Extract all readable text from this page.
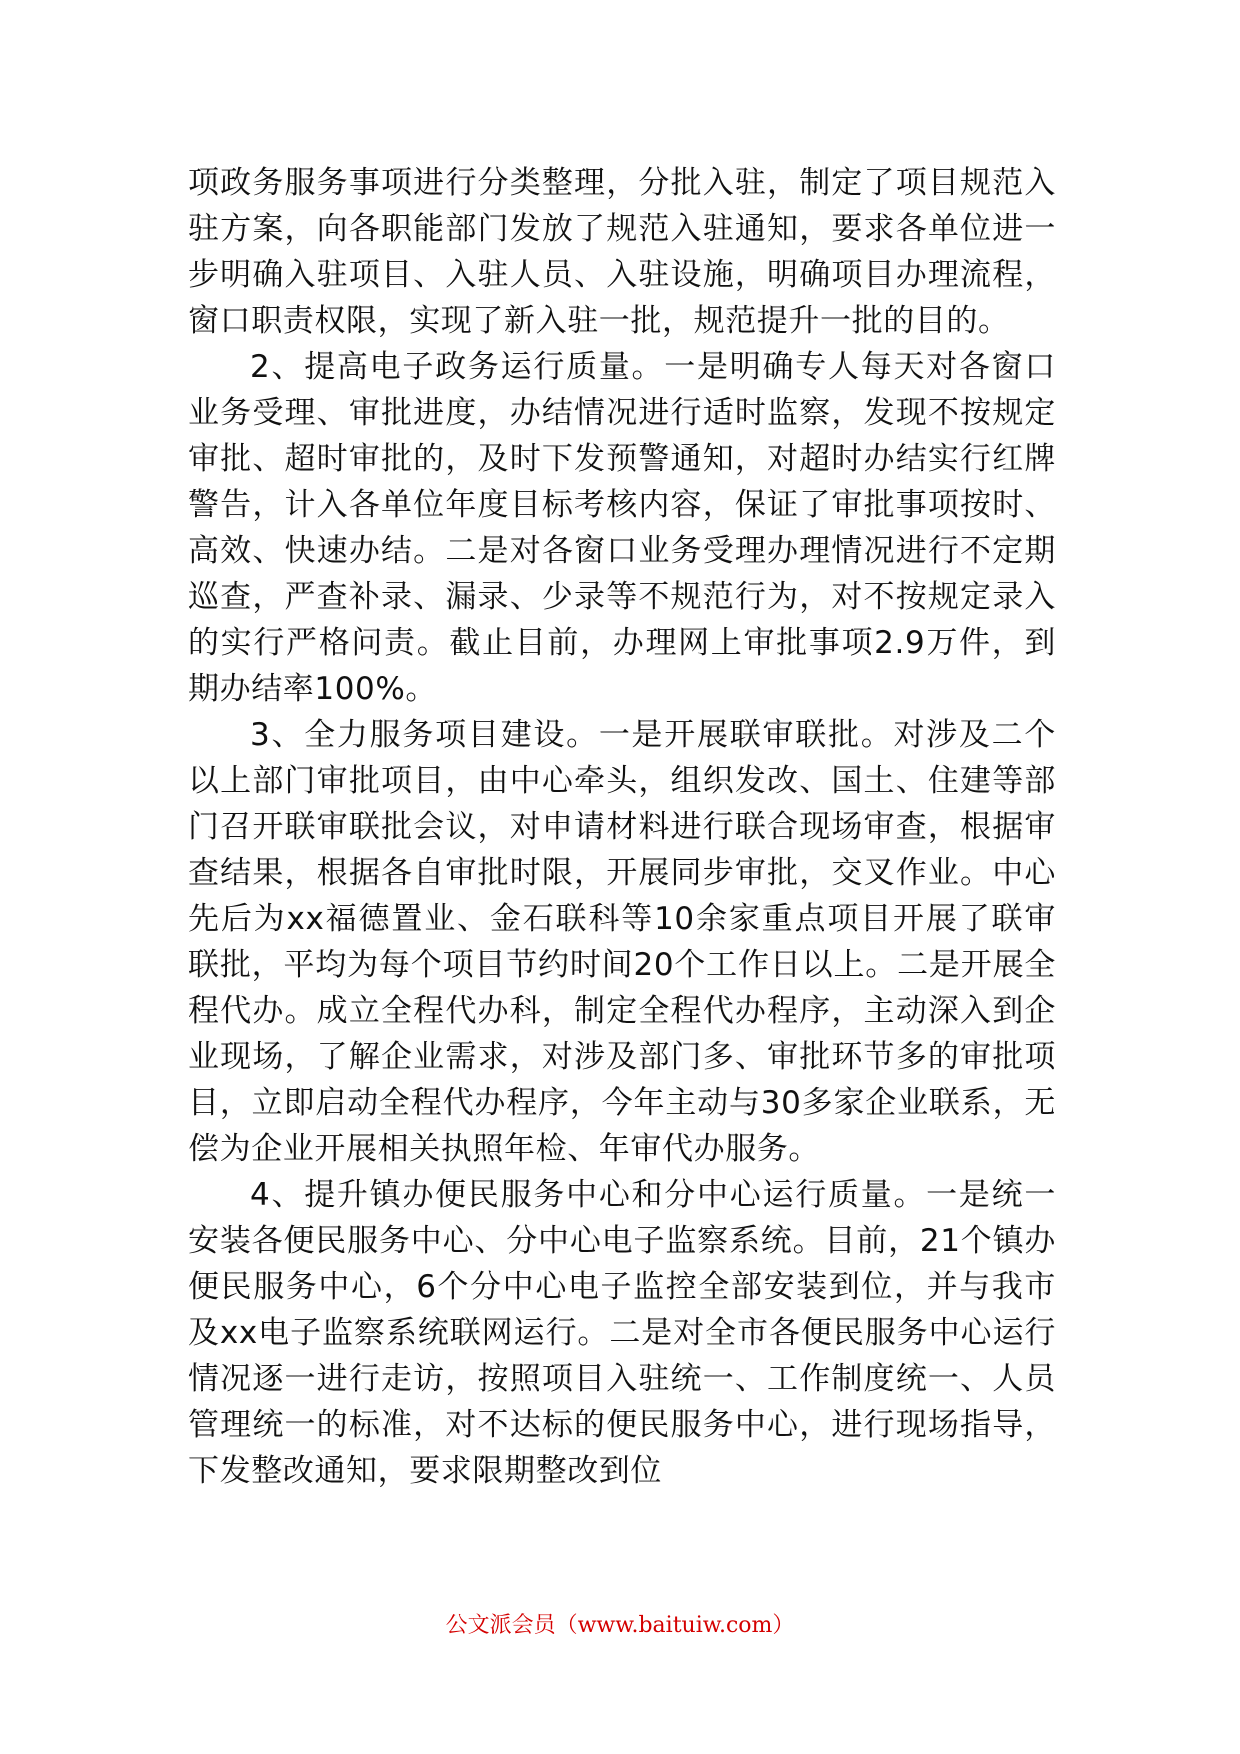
项政务服务事项进行分类整理，分批入驻，制定了项目规范入驻方案，向各职能部门发放了规范入驻通知，要求各单位进一步明确入驻项目、入驻人员、入驻设施，明确项目办理流程，窗口职责权限，实现了新入驻一批，规范提升一批的目的。

2、提高电子政务运行质量。一是明确专人每天对各窗口业务受理、审批进度，办结情况进行适时监察，发现不按规定审批、超时审批的，及时下发预警通知，对超时办结实行红牌警告，计入各单位年度目标考核内容，保证了审批事项按时、高效、快速办结。二是对各窗口业务受理办理情况进行不定期巡查，严查补录、漏录、少录等不规范行为，对不按规定录入的实行严格问责。截止目前，办理网上审批事项2.9万件，到期办结率100%。

3、全力服务项目建设。一是开展联审联批。对涉及二个以上部门审批项目，由中心牵头，组织发改、国土、住建等部门召开联审联批会议，对申请材料进行联合现场审查，根据审查结果，根据各自审批时限，开展同步审批，交叉作业。中心先后为xx福德置业、金石联科等10余家重点项目开展了联审联批，平均为每个项目节约时间20个工作日以上。二是开展全程代办。成立全程代办科，制定全程代办程序，主动深入到企业现场，了解企业需求，对涉及部门多、审批环节多的审批项目，立即启动全程代办程序，今年主动与30多家企业联系，无偿为企业开展相关执照年检、年审代办服务。

4、提升镇办便民服务中心和分中心运行质量。一是统一安装各便民服务中心、分中心电子监察系统。目前，21个镇办便民服务中心，6个分中心电子监控全部安装到位，并与我市及xx电子监察系统联网运行。二是对全市各便民服务中心运行情况逐一进行走访，按照项目入驻统一、工作制度统一、人员管理统一的标准，对不达标的便民服务中心，进行现场指导，下发整改通知，要求限期整改到位

公文派会员（www.baituiw.com）
